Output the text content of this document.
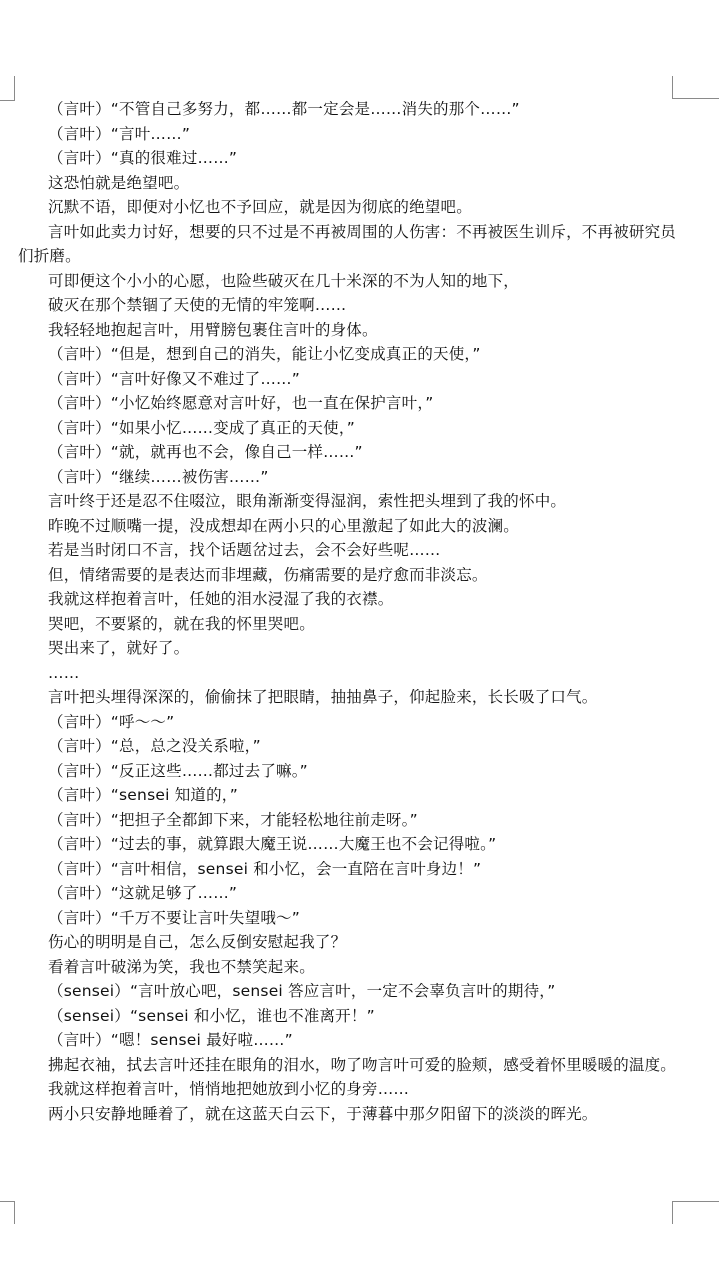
（言叶）“不管自己多努力，都……都一定会是……消失的那个……”

（言叶）“言叶……”

（言叶）“真的很难过……”

这恐怕就是绝望吧。

沉默不语，即便对小忆也不予回应，就是因为彻底的绝望吧。

言叶如此卖力讨好，想要的只不过是不再被周围的人伤害：不再被医生训斥，不再被研究员们折磨。

可即便这个小小的心愿，也险些破灭在几十米深的不为人知的地下，

破灭在那个禁锢了天使的无情的牢笼啊……

我轻轻地抱起言叶，用臂膀包裹住言叶的身体。

（言叶）“但是，想到自己的消失，能让小忆变成真正的天使，”

（言叶）“言叶好像又不难过了……”

（言叶）“小忆始终愿意对言叶好，也一直在保护言叶，”

（言叶）“如果小忆……变成了真正的天使，”

（言叶）“就，就再也不会，像自己一样……”

（言叶）“继续……被伤害……”

言叶终于还是忍不住啜泣，眼角渐渐变得湿润，索性把头埋到了我的怀中。

昨晚不过顺嘴一提，没成想却在两小只的心里激起了如此大的波澜。

若是当时闭口不言，找个话题岔过去，会不会好些呢……

但，情绪需要的是表达而非埋藏，伤痛需要的是疗愈而非淡忘。

我就这样抱着言叶，任她的泪水浸湿了我的衣襟。

哭吧，不要紧的，就在我的怀里哭吧。

哭出来了，就好了。

……

言叶把头埋得深深的，偷偷抹了把眼睛，抽抽鼻子，仰起脸来，长长吸了口气。

（言叶）“呼～～”

（言叶）“总，总之没关系啦，”

（言叶）“反正这些……都过去了嘛。”

（言叶）“sensei 知道的，”

（言叶）“把担子全都卸下来，才能轻松地往前走呀。”

（言叶）“过去的事，就算跟大魔王说……大魔王也不会记得啦。”

（言叶）“言叶相信，sensei 和小忆，会一直陪在言叶身边！”

（言叶）“这就足够了……”

（言叶）“千万不要让言叶失望哦～”

伤心的明明是自己，怎么反倒安慰起我了？

看着言叶破涕为笑，我也不禁笑起来。

（sensei）“言叶放心吧，sensei 答应言叶，一定不会辜负言叶的期待，”

（sensei）“sensei 和小忆，谁也不准离开！”

（言叶）“嗯！sensei 最好啦……”

拂起衣袖，拭去言叶还挂在眼角的泪水，吻了吻言叶可爱的脸颊，感受着怀里暖暖的温度。

我就这样抱着言叶，悄悄地把她放到小忆的身旁……

两小只安静地睡着了，就在这蓝天白云下，于薄暮中那夕阳留下的淡淡的晖光。
